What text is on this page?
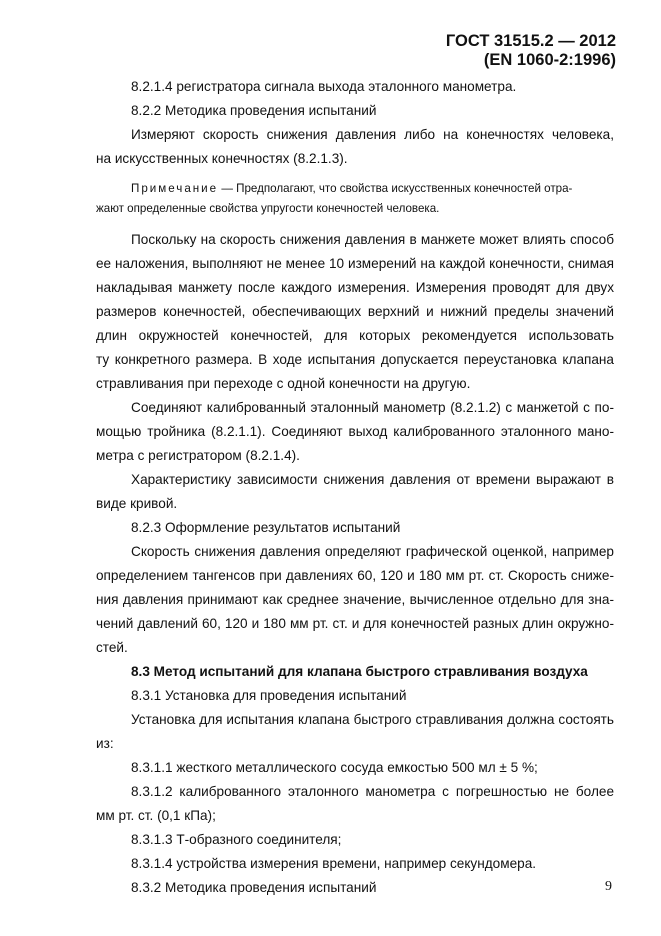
ГОСТ 31515.2 — 2012
(EN 1060-2:1996)
8.2.1.4 регистратора сигнала выхода эталонного манометра.
8.2.2 Методика проведения испытаний
Измеряют скорость снижения давления либо на конечностях человека,
на искусственных конечностях (8.2.1.3).
Примечание — Предполагают, что свойства искусственных конечностей отра-
жают определенные свойства упругости конечностей человека.
Поскольку на скорость снижения давления в манжете может влиять способ
ее наложения, выполняют не менее 10 измерений на каждой конечности, снимая
накладывая манжету после каждого измерения. Измерения проводят для двух
размеров конечностей, обеспечивающих верхний и нижний пределы значений
длин окружностей конечностей, для которых рекомендуется использовать
ту конкретного размера. В ходе испытания допускается переустановка клапана
стравливания при переходе с одной конечности на другую.
Соединяют калиброванный эталонный манометр (8.2.1.2) с манжетой с по-
мощью тройника (8.2.1.1). Соединяют выход калиброванного эталонного мано-
метра с регистратором (8.2.1.4).
Характеристику зависимости снижения давления от времени выражают в
виде кривой.
8.2.3 Оформление результатов испытаний
Скорость снижения давления определяют графической оценкой, например
определением тангенсов при давлениях 60, 120 и 180 мм рт. ст. Скорость сниже-
ния давления принимают как среднее значение, вычисленное отдельно для зна-
чений давлений 60, 120 и 180 мм рт. ст. и для конечностей разных длин окружно-
стей.
8.3 Метод испытаний для клапана быстрого стравливания воздуха
8.3.1 Установка для проведения испытаний
Установка для испытания клапана быстрого стравливания должна состоять
из:
8.3.1.1 жесткого металлического сосуда емкостью 500 мл ± 5 %;
8.3.1.2 калиброванного эталонного манометра с погрешностью не более
мм рт. ст. (0,1 кПа);
8.3.1.3 Т-образного соединителя;
8.3.1.4 устройства измерения времени, например секундомера.
8.3.2 Методика проведения испытаний	9
